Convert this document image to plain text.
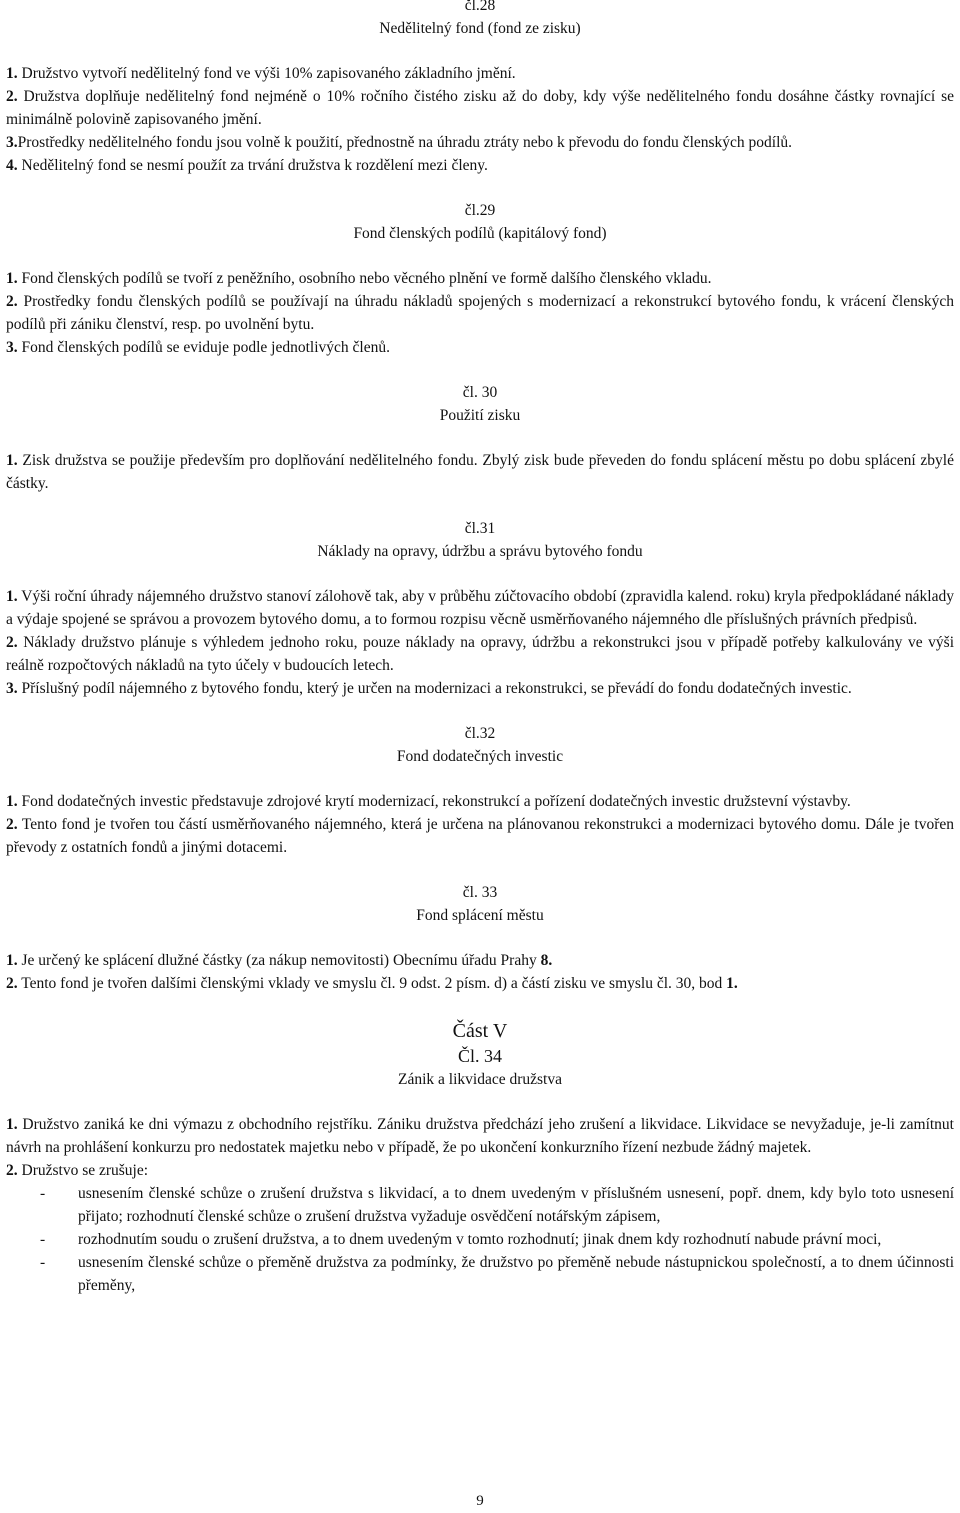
čl.28
Nedělitelný fond (fond ze zisku)

1. Družstvo vytvoří nedělitelný fond ve výši 10% zapisovaného základního jmění.

2. Družstva doplňuje nedělitelný fond nejméně o 10% ročního čistého zisku až do doby, kdy výše nedělitelného fondu dosáhne částky rovnající se minimálně polovině zapisovaného jmění.

3.Prostředky nedělitelného fondu jsou volně k použití, přednostně na úhradu ztráty nebo k převodu do fondu členských podílů.

4. Nedělitelný fond se nesmí použít za trvání družstva k rozdělení mezi členy.

čl.29
Fond členských podílů (kapitálový fond)

1. Fond členských podílů se tvoří z peněžního, osobního nebo věcného plnění ve formě dalšího členského vkladu.

2. Prostředky fondu členských podílů se používají na úhradu nákladů spojených s modernizací a rekonstrukcí bytového fondu, k vrácení členských podílů při zániku členství, resp. po uvolnění bytu.

3. Fond členských podílů se eviduje podle jednotlivých členů.

čl. 30
Použití zisku

1. Zisk družstva se použije především pro doplňování nedělitelného fondu. Zbylý zisk bude převeden do fondu splácení městu po dobu splácení zbylé částky.

čl.31
Náklady na opravy, údržbu a správu bytového fondu

1. Výši roční úhrady nájemného družstvo stanoví zálohově tak, aby v průběhu zúčtovacího období (zpravidla kalend. roku) kryla předpokládané náklady a výdaje spojené se správou a provozem bytového domu, a to formou rozpisu věcně usměrňovaného nájemného dle příslušných právních předpisů.

2. Náklady družstvo plánuje s výhledem jednoho roku, pouze náklady na opravy, údržbu a rekonstrukci jsou v případě potřeby kalkulovány ve výši reálně rozpočtových nákladů na tyto účely v budoucích letech.

3. Příslušný podíl nájemného z bytového fondu, který je určen na modernizaci a rekonstrukci, se převádí do fondu dodatečných investic.

čl.32
Fond dodatečných investic

1. Fond dodatečných investic představuje zdrojové krytí modernizací, rekonstrukcí a pořízení dodatečných investic družstevní výstavby.

2. Tento fond je tvořen tou částí usměrňovaného nájemného, která je určena na plánovanou rekonstrukci a modernizaci bytového domu. Dále je tvořen převody z ostatních fondů a jinými dotacemi.

čl. 33
Fond splácení městu

1. Je určený ke splácení dlužné částky (za nákup nemovitosti) Obecnímu úřadu Prahy 8.

2. Tento fond je tvořen dalšími členskými vklady ve smyslu čl. 9 odst. 2 písm. d) a částí zisku ve smyslu čl. 30, bod 1.

Část V
Čl. 34
Zánik a likvidace družstva

1. Družstvo zaniká ke dni výmazu z obchodního rejstříku. Zániku družstva předchází jeho zrušení a likvidace. Likvidace se nevyžaduje, je-li zamítnut návrh na prohlášení konkurzu pro nedostatek majetku nebo v případě, že po ukončení konkurzního řízení nezbude žádný majetek.

2. Družstvo se zrušuje:

-	usnesením členské schůze o zrušení družstva s likvidací, a to dnem uvedeným v příslušném usnesení, popř. dnem, kdy bylo toto usnesení přijato; rozhodnutí členské schůze o zrušení družstva vyžaduje osvědčení notářským zápisem,
-	rozhodnutím soudu o zrušení družstva, a to dnem uvedeným v tomto rozhodnutí; jinak dnem kdy rozhodnutí nabude právní moci,
-	usnesením členské schůze o přeměně družstva za podmínky, že družstvo po přeměně nebude nástupnickou společností, a to dnem účinnosti přeměny,
9
